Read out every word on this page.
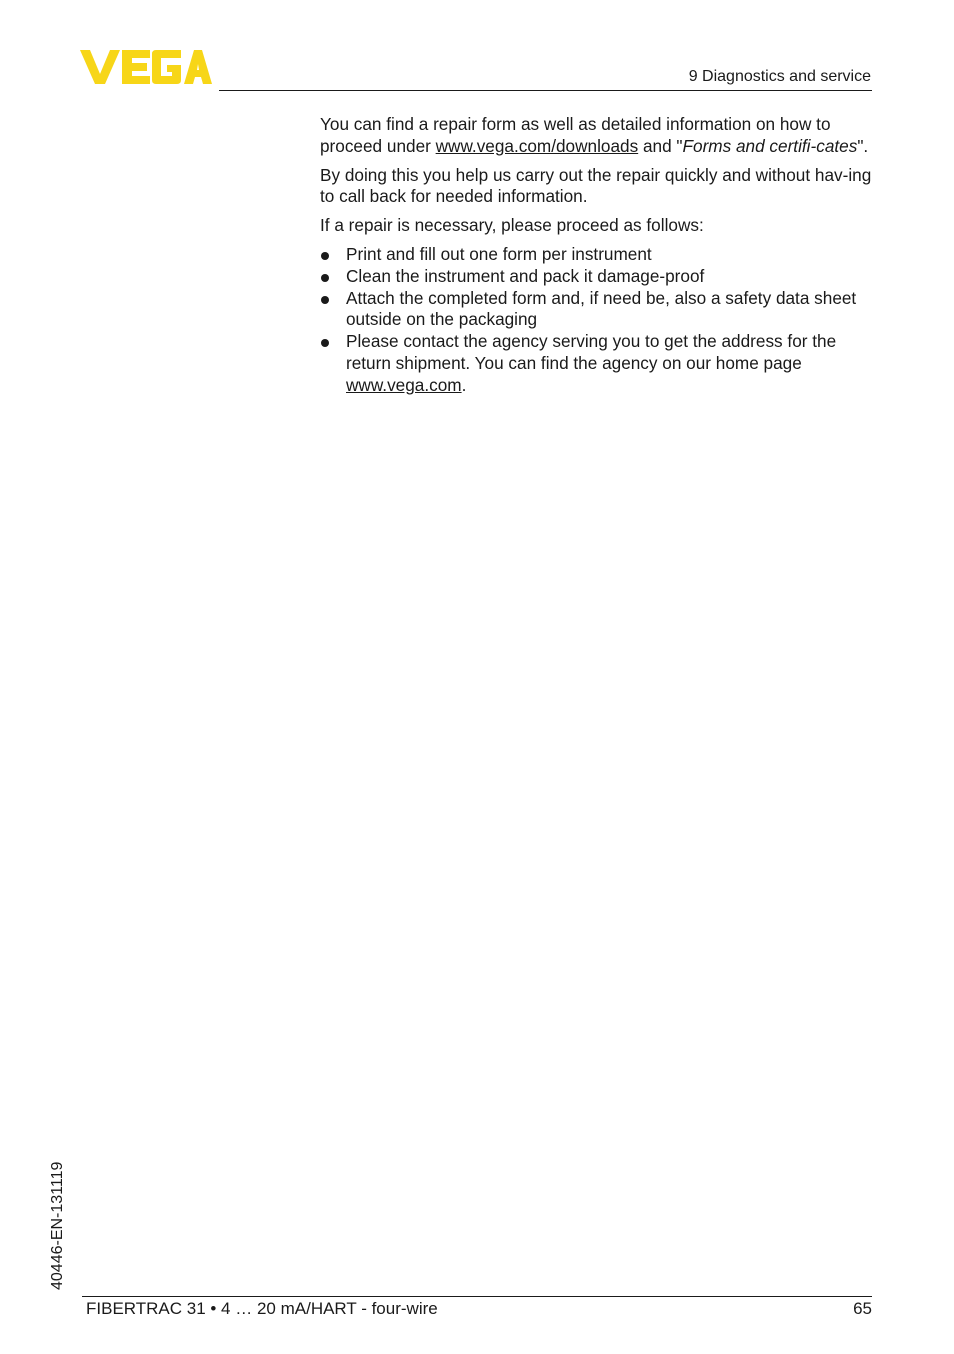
9 Diagnostics and service

You can find a repair form as well as detailed information on how to proceed under www.vega.com/downloads and "Forms and certifi-cates".

By doing this you help us carry out the repair quickly and without hav-ing to call back for needed information.

If a repair is necessary, please proceed as follows:

Print and fill out one form per instrument
Clean the instrument and pack it damage-proof
Attach the completed form and, if need be, also a safety data sheet outside on the packaging
Please contact the agency serving you to get the address for the return shipment. You can find the agency on our home page www.vega.com.
40446-EN-131119
FIBERTRAC 31 • 4 … 20 mA/HART - four-wire	65
